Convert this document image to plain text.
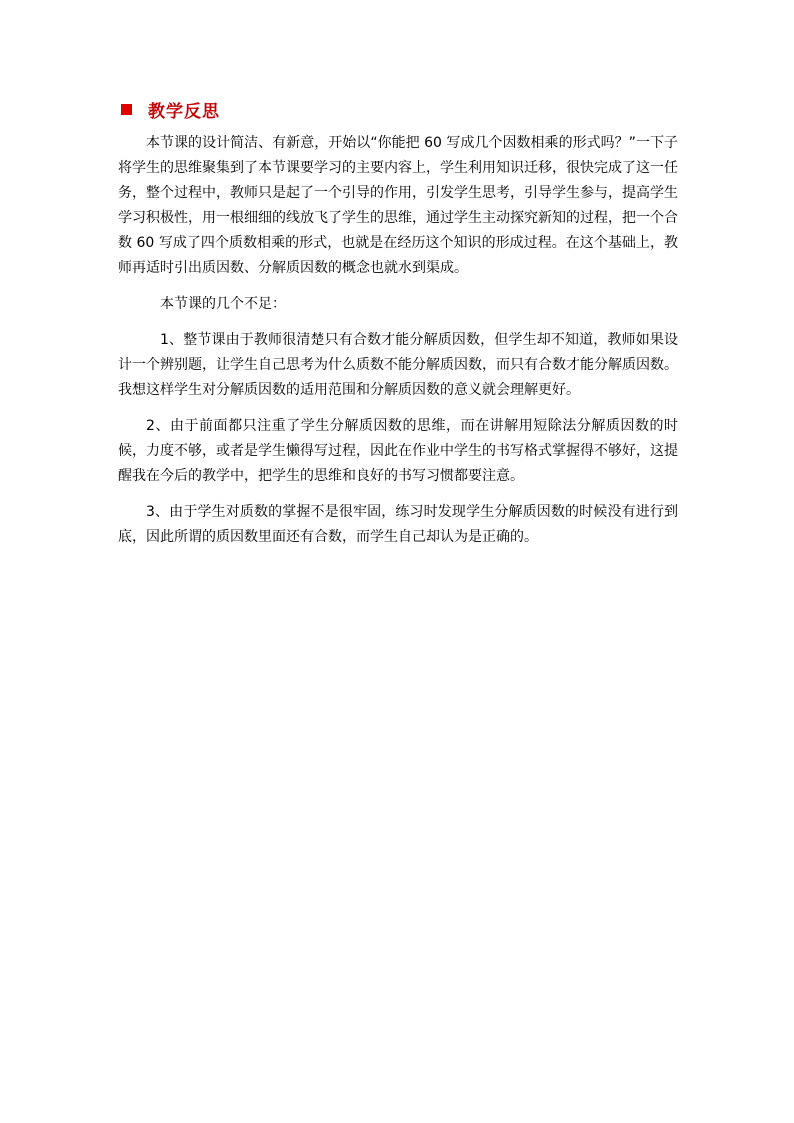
教学反思

本节课的设计简洁、有新意，开始以“你能把 60 写成几个因数相乘的形式吗？”一下子将学生的思维聚集到了本节课要学习的主要内容上，学生利用知识迁移，很快完成了这一任务，整个过程中，教师只是起了一个引导的作用，引发学生思考，引导学生参与，提高学生学习积极性，用一根细细的线放飞了学生的思维，通过学生主动探究新知的过程，把一个合数 60 写成了四个质数相乘的形式，也就是在经历这个知识的形成过程。在这个基础上，教师再适时引出质因数、分解质因数的概念也就水到渠成。

本节课的几个不足：

1、整节课由于教师很清楚只有合数才能分解质因数，但学生却不知道，教师如果设计一个辨别题，让学生自己思考为什么质数不能分解质因数，而只有合数才能分解质因数。我想这样学生对分解质因数的适用范围和分解质因数的意义就会理解更好。

2、由于前面都只注重了学生分解质因数的思维，而在讲解用短除法分解质因数的时候，力度不够，或者是学生懒得写过程，因此在作业中学生的书写格式掌握得不够好，这提醒我在今后的教学中，把学生的思维和良好的书写习惯都要注意。

3、由于学生对质数的掌握不是很牢固，练习时发现学生分解质因数的时候没有进行到底，因此所谓的质因数里面还有合数，而学生自己却认为是正确的。
